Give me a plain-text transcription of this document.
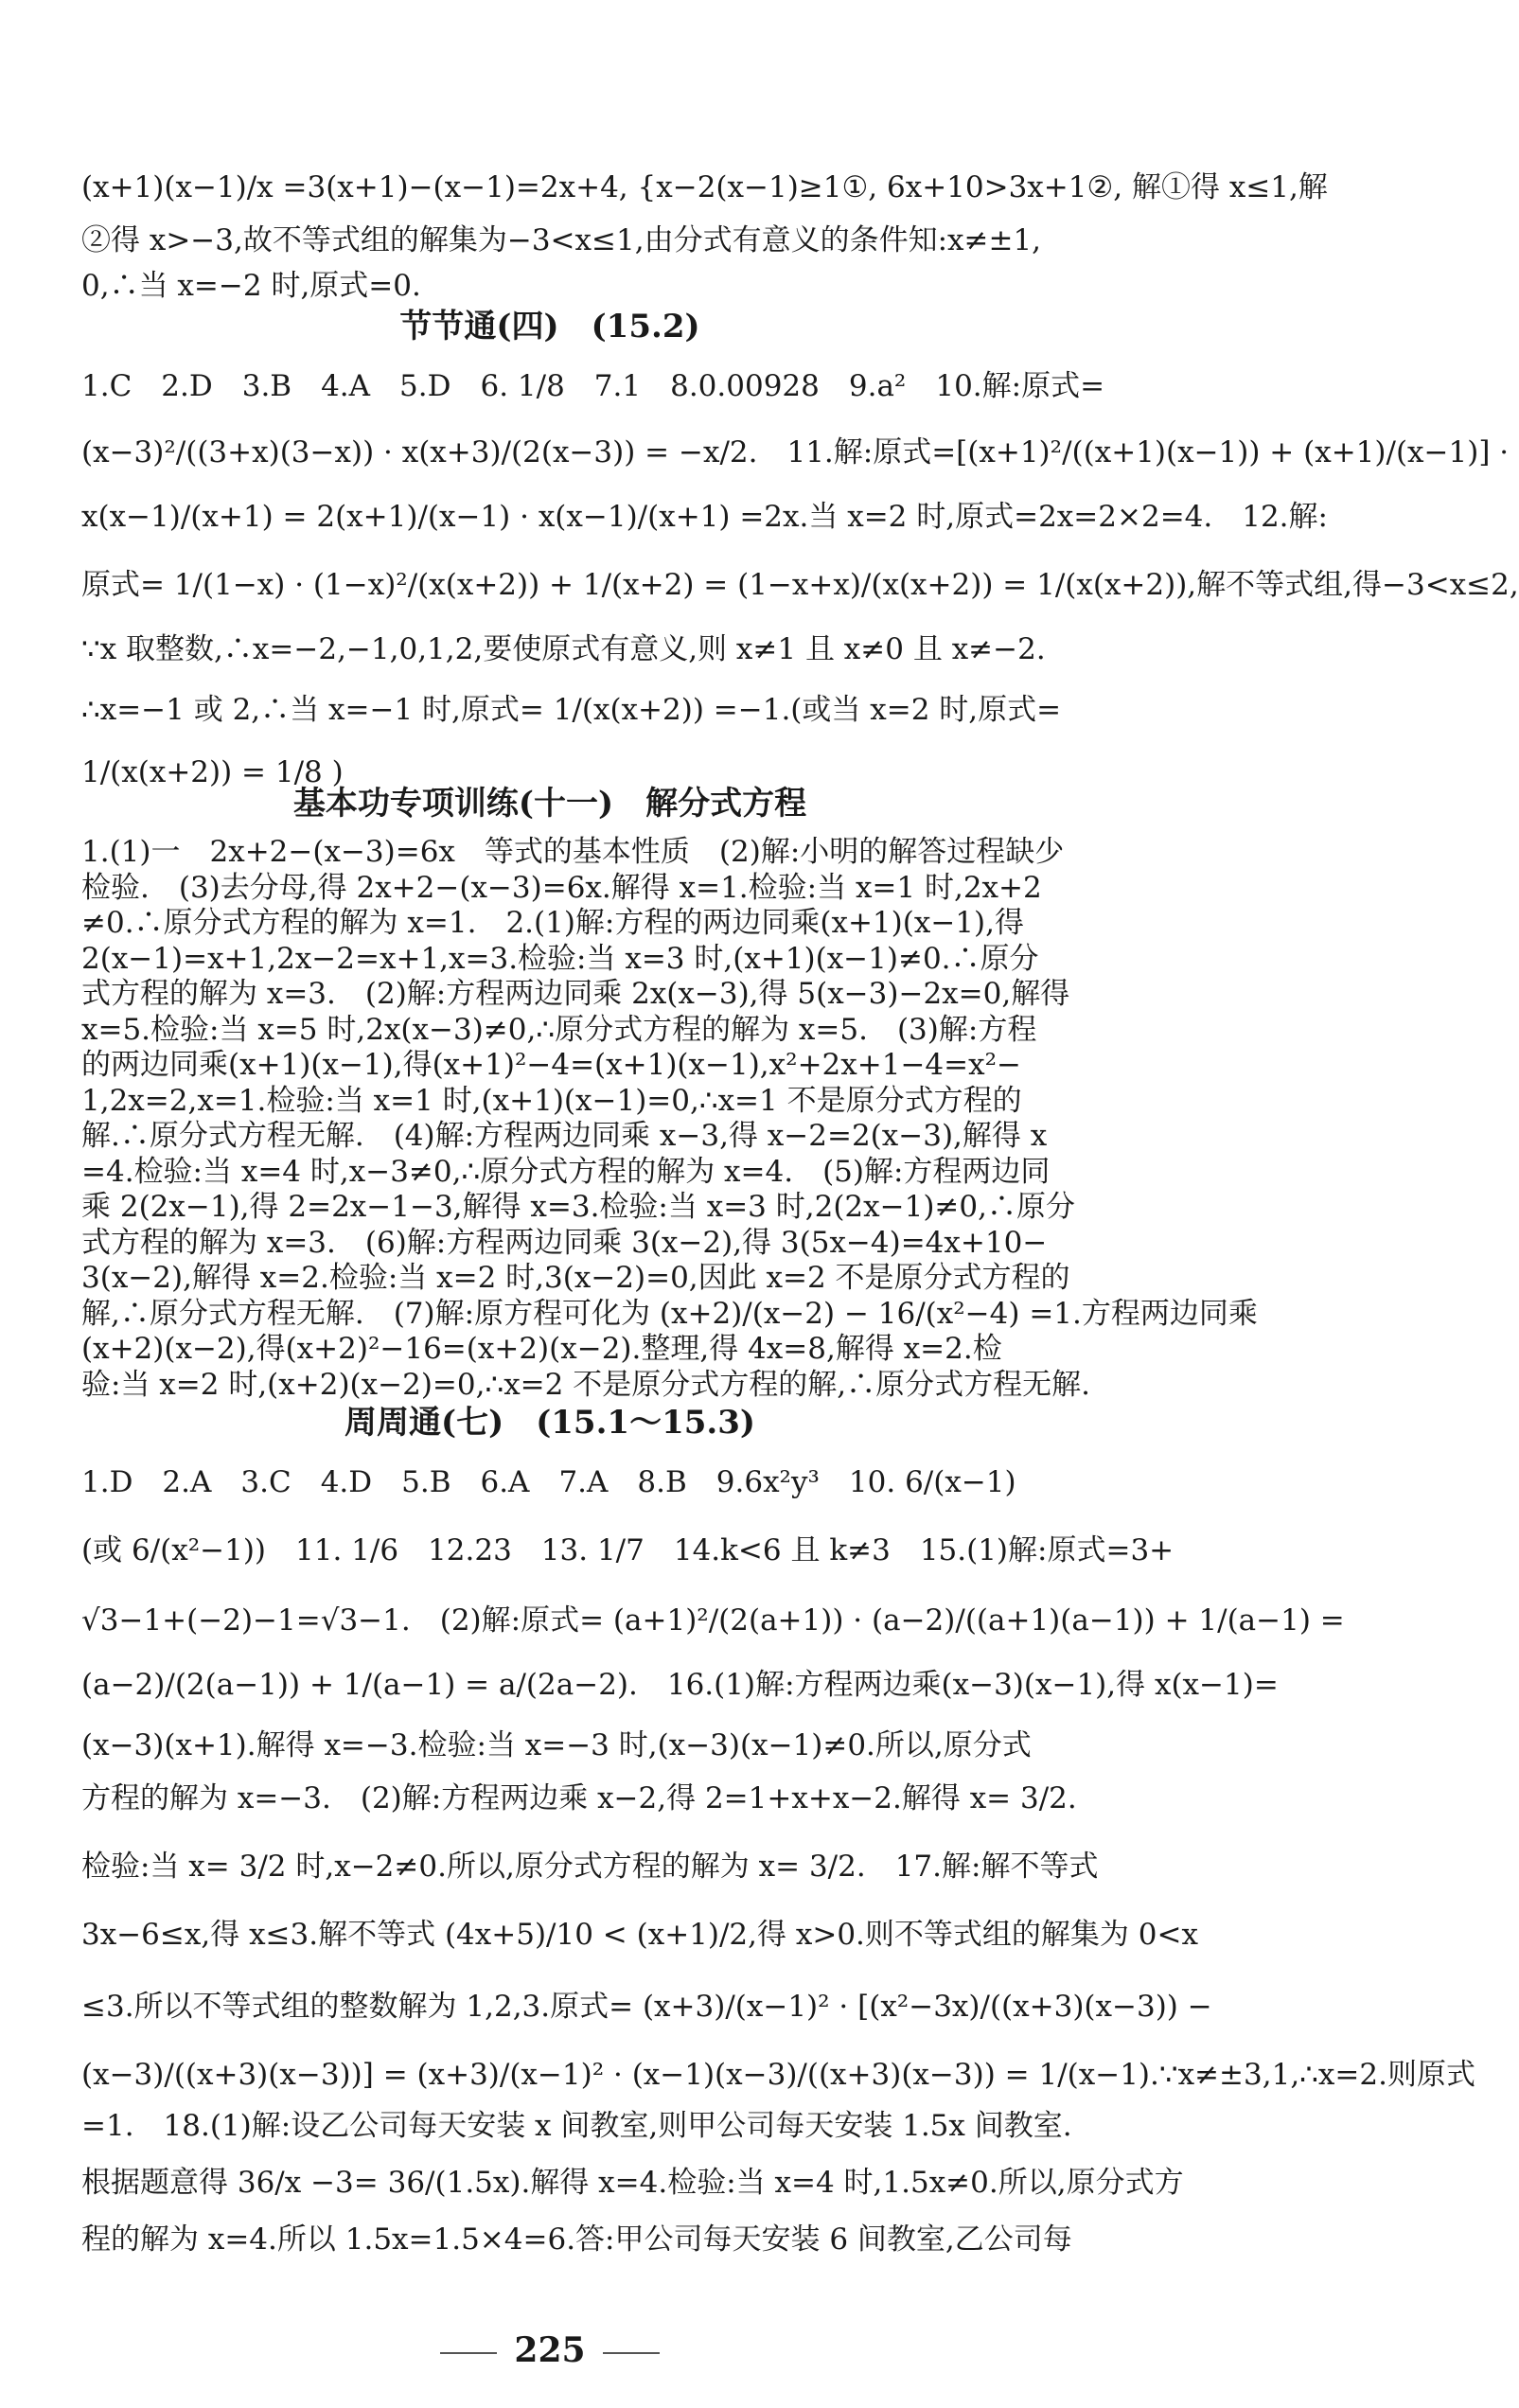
(x+1)(x−1)/x =3(x+1)−(x−1)=2x+4, {x−2(x−1)≥1①, 6x+10>3x+1②, 解①得 x≤1,解
②得 x>−3,故不等式组的解集为−3<x≤1,由分式有意义的条件知:x≠±1,
0,∴当 x=−2 时,原式=0.
1.C　2.D　3.B　4.A　5.D　6. 1/8　7.1　8.0.00928　9.a²　10.解:原式=
(x−3)²/((3+x)(3−x)) · x(x+3)/(2(x−3)) = −x/2.　11.解:原式=[(x+1)²/((x+1)(x−1)) + (x+1)/(x−1)] ·
x(x−1)/(x+1) = 2(x+1)/(x−1) · x(x−1)/(x+1) =2x.当 x=2 时,原式=2x=2×2=4.　12.解:
原式= 1/(1−x) · (1−x)²/(x(x+2)) + 1/(x+2) = (1−x+x)/(x(x+2)) = 1/(x(x+2)),解不等式组,得−3<x≤2,
∵x 取整数,∴x=−2,−1,0,1,2,要使原式有意义,则 x≠1 且 x≠0 且 x≠−2.
∴x=−1 或 2,∴当 x=−1 时,原式= 1/(x(x+2)) =−1.(或当 x=2 时,原式=
1/(x(x+2)) = 1/8 )
1.(1)一　2x+2−(x−3)=6x　等式的基本性质　(2)解:小明的解答过程缺少
检验.　(3)去分母,得 2x+2−(x−3)=6x.解得 x=1.检验:当 x=1 时,2x+2
≠0.∴原分式方程的解为 x=1.　2.(1)解:方程的两边同乘(x+1)(x−1),得
2(x−1)=x+1,2x−2=x+1,x=3.检验:当 x=3 时,(x+1)(x−1)≠0.∴原分
式方程的解为 x=3.　(2)解:方程两边同乘 2x(x−3),得 5(x−3)−2x=0,解得
x=5.检验:当 x=5 时,2x(x−3)≠0,∴原分式方程的解为 x=5.　(3)解:方程
的两边同乘(x+1)(x−1),得(x+1)²−4=(x+1)(x−1),x²+2x+1−4=x²−
1,2x=2,x=1.检验:当 x=1 时,(x+1)(x−1)=0,∴x=1 不是原分式方程的
解.∴原分式方程无解.　(4)解:方程两边同乘 x−3,得 x−2=2(x−3),解得 x
=4.检验:当 x=4 时,x−3≠0,∴原分式方程的解为 x=4.　(5)解:方程两边同
乘 2(2x−1),得 2=2x−1−3,解得 x=3.检验:当 x=3 时,2(2x−1)≠0,∴原分
式方程的解为 x=3.　(6)解:方程两边同乘 3(x−2),得 3(5x−4)=4x+10−
3(x−2),解得 x=2.检验:当 x=2 时,3(x−2)=0,因此 x=2 不是原分式方程的
解,∴原分式方程无解.　(7)解:原方程可化为 (x+2)/(x−2) − 16/(x²−4) =1.方程两边同乘
(x+2)(x−2),得(x+2)²−16=(x+2)(x−2).整理,得 4x=8,解得 x=2.检
验:当 x=2 时,(x+2)(x−2)=0,∴x=2 不是原分式方程的解,∴原分式方程无解.
1.D　2.A　3.C　4.D　5.B　6.A　7.A　8.B　9.6x²y³　10. 6/(x−1)
(或 6/(x²−1))　11. 1/6　12.23　13. 1/7　14.k<6 且 k≠3　15.(1)解:原式=3+
√3−1+(−2)−1=√3−1.　(2)解:原式= (a+1)²/(2(a+1)) · (a−2)/((a+1)(a−1)) + 1/(a−1) =
(a−2)/(2(a−1)) + 1/(a−1) = a/(2a−2).　16.(1)解:方程两边乘(x−3)(x−1),得 x(x−1)=
(x−3)(x+1).解得 x=−3.检验:当 x=−3 时,(x−3)(x−1)≠0.所以,原分式
方程的解为 x=−3.　(2)解:方程两边乘 x−2,得 2=1+x+x−2.解得 x= 3/2.
检验:当 x= 3/2 时,x−2≠0.所以,原分式方程的解为 x= 3/2.　17.解:解不等式
3x−6≤x,得 x≤3.解不等式 (4x+5)/10 < (x+1)/2,得 x>0.则不等式组的解集为 0<x
≤3.所以不等式组的整数解为 1,2,3.原式= (x+3)/(x−1)² · [(x²−3x)/((x+3)(x−3)) −
(x−3)/((x+3)(x−3))] = (x+3)/(x−1)² · (x−1)(x−3)/((x+3)(x−3)) = 1/(x−1).∵x≠±3,1,∴x=2.则原式
=1.　18.(1)解:设乙公司每天安装 x 间教室,则甲公司每天安装 1.5x 间教室.
根据题意得 36/x −3= 36/(1.5x).解得 x=4.检验:当 x=4 时,1.5x≠0.所以,原分式方
程的解为 x=4.所以 1.5x=1.5×4=6.答:甲公司每天安装 6 间教室,乙公司每
节节通(四)　(15.2)
基本功专项训练(十一)　解分式方程
周周通(七)　(15.1～15.3)
225
